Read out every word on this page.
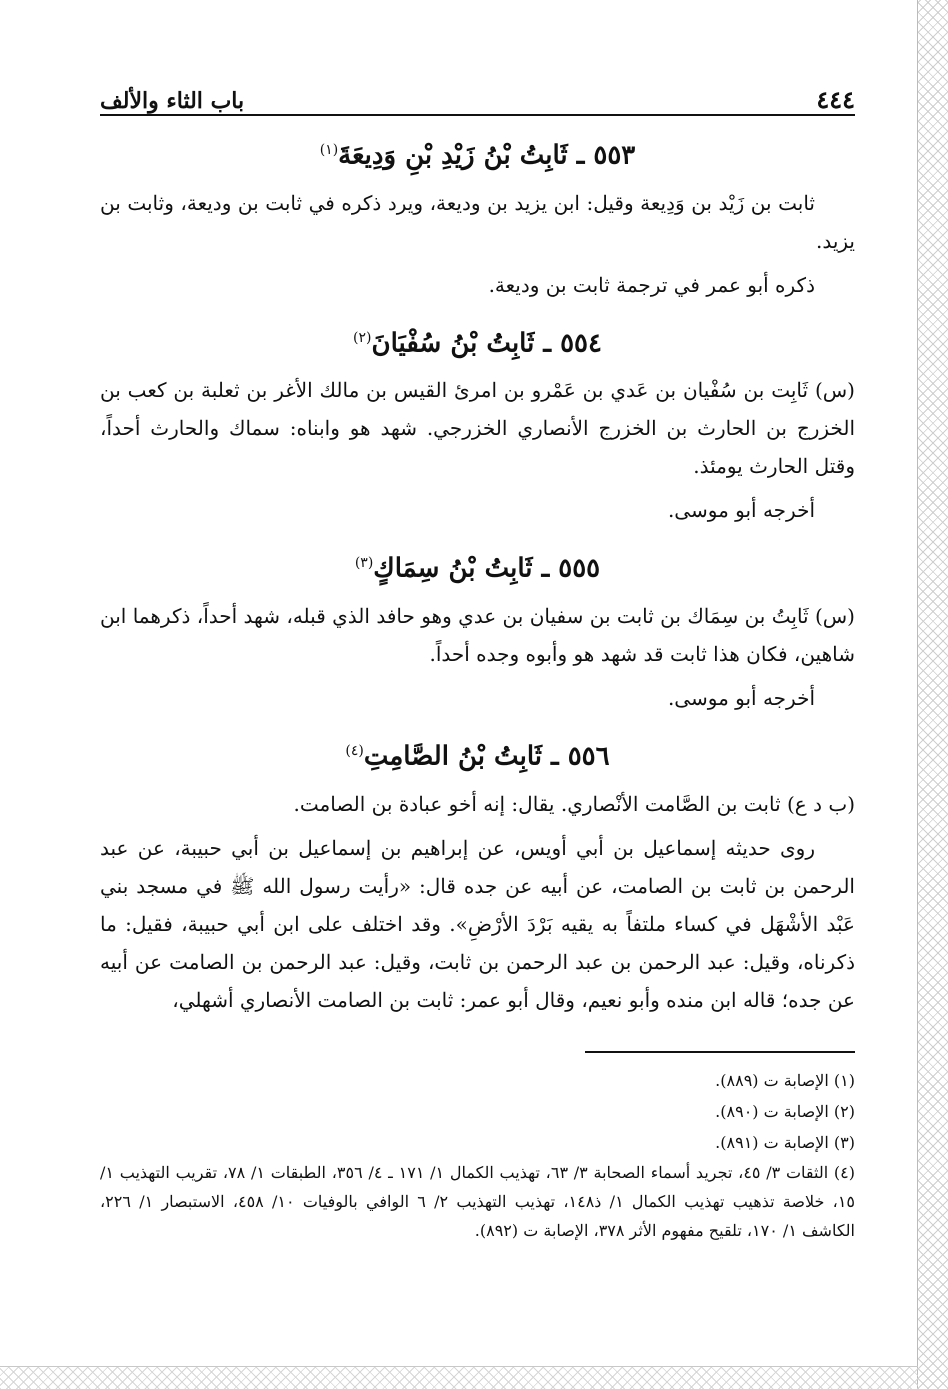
٤٤٤
باب الثاء والألف
٥٥٣ ـ ثَابِتُ بْنُ زَيْدِ بْنِ وَدِيعَةَ$^{(١)}$

ثابت بن زَيْد بن وَدِيعة وقيل: ابن يزيد بن وديعة، ويرد ذكره في ثابت بن وديعة، وثابت بن يزيد.

ذكره أبو عمر في ترجمة ثابت بن وديعة.

٥٥٤ ـ ثَابِتُ بْنُ سُفْيَانَ$^{(٢)}$

(س) ثَابِت بن سُفْيان بن عَدي بن عَمْرو بن امرئ القيس بن مالك الأغر بن ثعلبة بن كعب بن الخزرج بن الحارث بن الخزرج الأنصاري الخزرجي. شهد هو وابناه: سماك والحارث أحداً، وقتل الحارث يومئذ.

أخرجه أبو موسى.

٥٥٥ ـ ثَابِتُ بْنُ سِمَاكٍ$^{(٣)}$

(س) ثَابِتُ بن سِمَاك بن ثابت بن سفيان بن عدي وهو حافد الذي قبله، شهد أحداً، ذكرهما ابن شاهين، فكان هذا ثابت قد شهد هو وأبوه وجده أحداً.

أخرجه أبو موسى.

٥٥٦ ـ ثَابِتُ بْنُ الصَّامِتِ$^{(٤)}$

(ب د ع) ثابت بن الصَّامت الأنْصاري. يقال: إنه أخو عبادة بن الصامت.

روى حديثه إسماعيل بن أبي أويس، عن إبراهيم بن إسماعيل بن أبي حبيبة، عن عبد الرحمن بن ثابت بن الصامت، عن أبيه عن جده قال: «رأيت رسول الله ﷺ في مسجد بني عَبْد الأشْهَل في كساء ملتفاً به يقيه بَرْدَ الأرْضِ». وقد اختلف على ابن أبي حبيبة، فقيل: ما ذكرناه، وقيل: عبد الرحمن بن عبد الرحمن بن ثابت، وقيل: عبد الرحمن بن الصامت عن أبيه عن جده؛ قاله ابن منده وأبو نعيم، وقال أبو عمر: ثابت بن الصامت الأنصاري أشهلي،

(١) الإصابة ت (٨٨٩).
(٢) الإصابة ت (٨٩٠).
(٣) الإصابة ت (٨٩١).
(٤) الثقات ٣/ ٤٥، تجريد أسماء الصحابة ٣/ ٦٣، تهذيب الكمال ١/ ١٧١ ـ ٤/ ٣٥٦، الطبقات ١/ ٧٨، تقريب التهذيب ١/ ١٥، خلاصة تذهيب تهذيب الكمال ١/ ذ١٤٨، تهذيب التهذيب ٢/ ٦ الوافي بالوفيات ١٠/ ٤٥٨، الاستبصار ١/ ٢٢٦، الكاشف ١/ ١٧٠، تلقيح مفهوم الأثر ٣٧٨، الإصابة ت (٨٩٢).
